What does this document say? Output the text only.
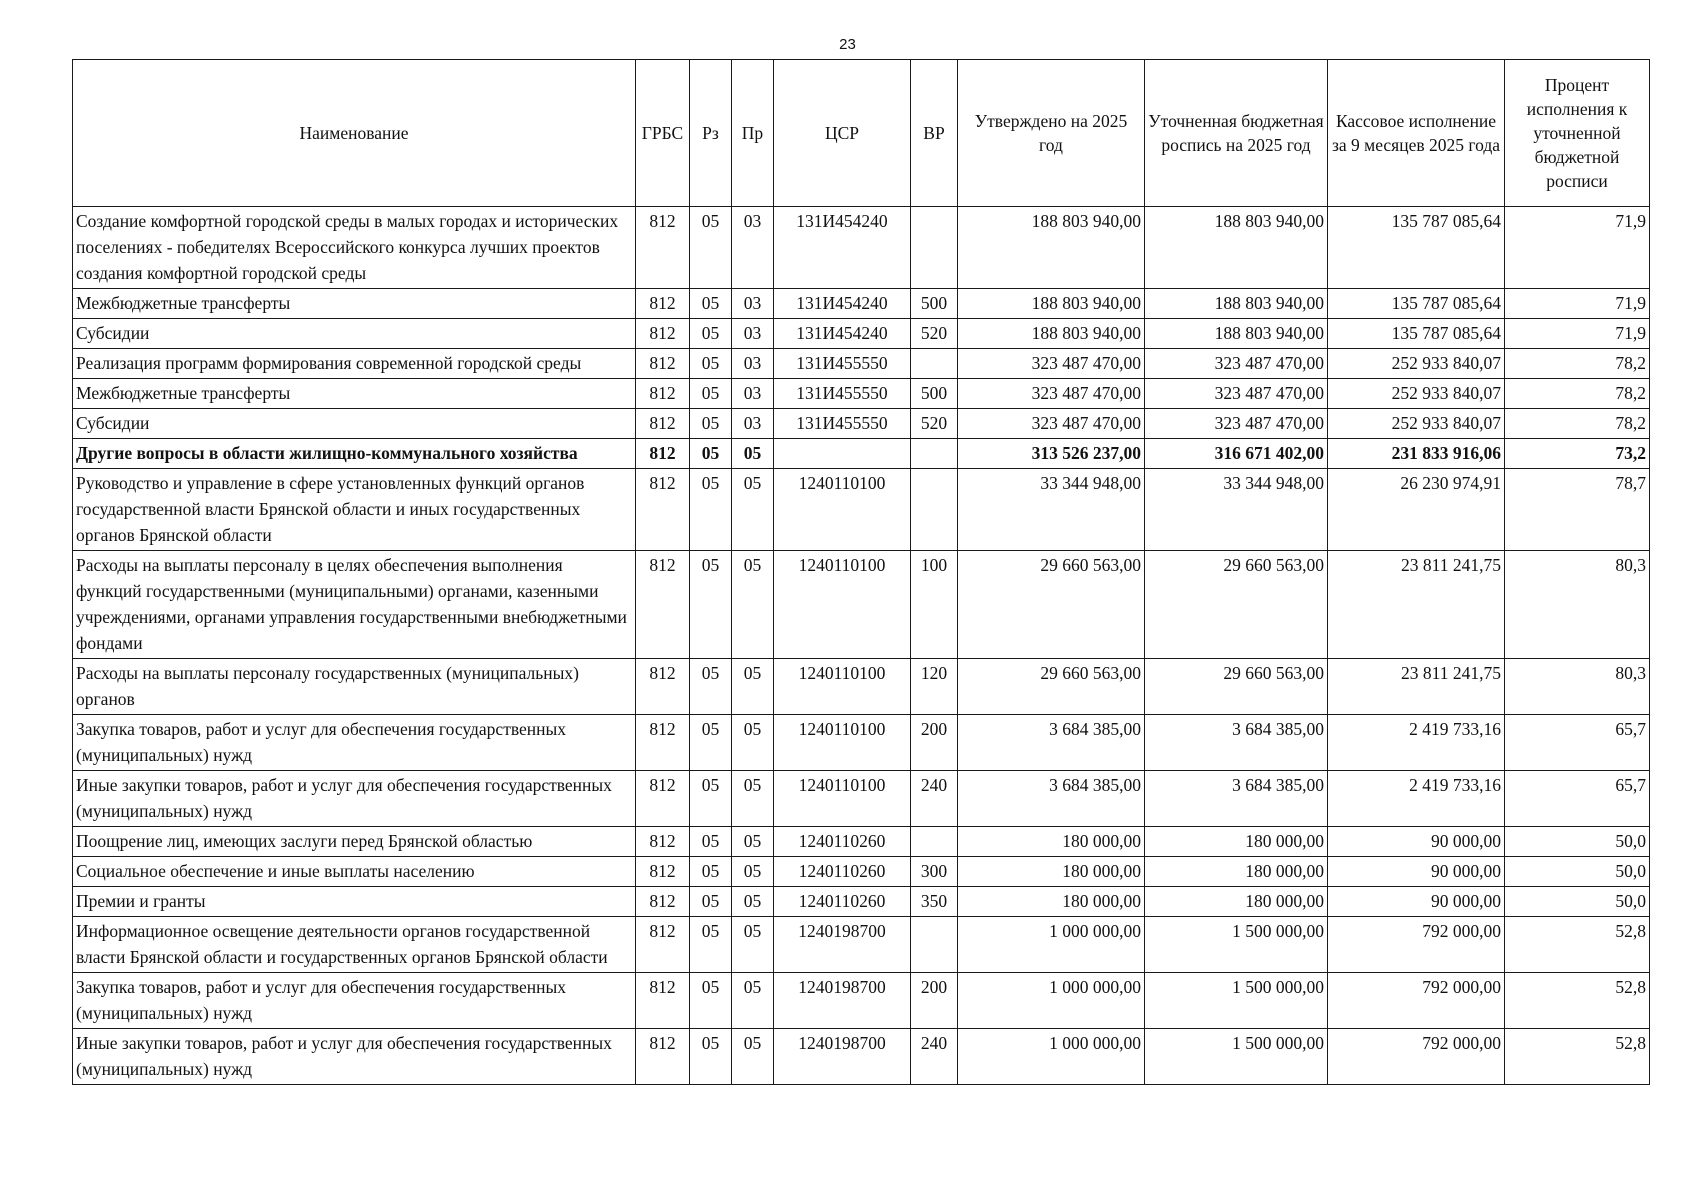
23
Наименование	ГРБС	Рз	Пр	ЦСР	ВР	Утверждено на 2025 год	Уточненная бюджетная роспись на 2025 год	Кассовое исполнение за 9 месяцев 2025 года	Процент исполнения к уточненной бюджетной росписи
Создание комфортной городской среды в малых городах и исторических поселениях - победителях Всероссийского конкурса лучших проектов создания комфортной городской среды	812	05	03	131И454240		188 803 940,00	188 803 940,00	135 787 085,64	71,9
Межбюджетные трансферты	812	05	03	131И454240	500	188 803 940,00	188 803 940,00	135 787 085,64	71,9
Субсидии	812	05	03	131И454240	520	188 803 940,00	188 803 940,00	135 787 085,64	71,9
Реализация программ формирования современной городской среды	812	05	03	131И455550		323 487 470,00	323 487 470,00	252 933 840,07	78,2
Межбюджетные трансферты	812	05	03	131И455550	500	323 487 470,00	323 487 470,00	252 933 840,07	78,2
Субсидии	812	05	03	131И455550	520	323 487 470,00	323 487 470,00	252 933 840,07	78,2
Другие вопросы в области жилищно-коммунального хозяйства	812	05	05			313 526 237,00	316 671 402,00	231 833 916,06	73,2
Руководство и управление в сфере установленных функций органов государственной власти Брянской области и иных государственных органов Брянской области	812	05	05	1240110100		33 344 948,00	33 344 948,00	26 230 974,91	78,7
Расходы на выплаты персоналу в целях обеспечения выполнения функций государственными (муниципальными) органами, казенными учреждениями, органами управления государственными внебюджетными фондами	812	05	05	1240110100	100	29 660 563,00	29 660 563,00	23 811 241,75	80,3
Расходы на выплаты персоналу государственных (муниципальных) органов	812	05	05	1240110100	120	29 660 563,00	29 660 563,00	23 811 241,75	80,3
Закупка товаров, работ и услуг для обеспечения государственных (муниципальных) нужд	812	05	05	1240110100	200	3 684 385,00	3 684 385,00	2 419 733,16	65,7
Иные закупки товаров, работ и услуг для обеспечения государственных (муниципальных) нужд	812	05	05	1240110100	240	3 684 385,00	3 684 385,00	2 419 733,16	65,7
Поощрение лиц, имеющих заслуги перед Брянской областью	812	05	05	1240110260		180 000,00	180 000,00	90 000,00	50,0
Социальное обеспечение и иные выплаты населению	812	05	05	1240110260	300	180 000,00	180 000,00	90 000,00	50,0
Премии и гранты	812	05	05	1240110260	350	180 000,00	180 000,00	90 000,00	50,0
Информационное освещение деятельности органов государственной власти Брянской области и государственных органов Брянской области	812	05	05	1240198700		1 000 000,00	1 500 000,00	792 000,00	52,8
Закупка товаров, работ и услуг для обеспечения государственных (муниципальных) нужд	812	05	05	1240198700	200	1 000 000,00	1 500 000,00	792 000,00	52,8
Иные закупки товаров, работ и услуг для обеспечения государственных (муниципальных) нужд	812	05	05	1240198700	240	1 000 000,00	1 500 000,00	792 000,00	52,8
